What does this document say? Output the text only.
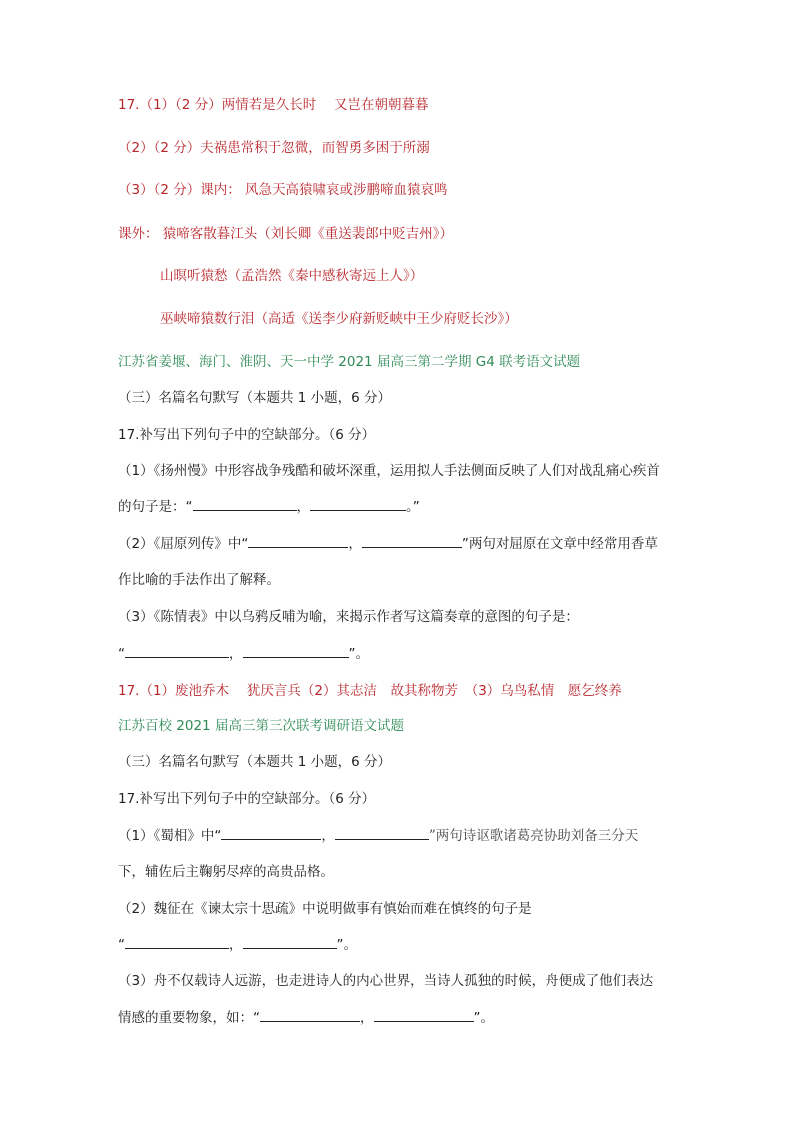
17.（1）（2 分）两情若是久长时　 又岂在朝朝暮暮
（2）（2 分）夫祸患常积于忽微，而智勇多困于所溺
（3）（2 分）课内： 风急天高猿啸哀或涉鹏啼血猿哀鸣
课外： 猿啼客散暮江头（刘长卿《重送裴郎中贬吉州》）
山暝听猿愁（孟浩然《秦中感秋寄远上人》）
巫峡啼猿数行泪（高适《送李少府新贬峡中王少府贬长沙》）
江苏省姜堰、海门、淮阴、天一中学 2021 届高三第二学期 G4 联考语文试题
（三）名篇名句默写（本题共 1 小题，6 分）
17.补写出下列句子中的空缺部分。（6 分）
（1）《扬州慢》中形容战争残酷和破坏深重，运用拟人手法侧面反映了人们对战乱痛心疾首
的句子是：“	，	。”
（2）《屈原列传》中“	，	”两句对屈原在文章中经常用香草
作比喻的手法作出了解释。
（3）《陈情表》中以乌鸦反哺为喻，来揭示作者写这篇奏章的意图的句子是：
“	，	”。
17.（1）废池乔木　 犹厌言兵（2）其志洁　故其称物芳　（3）乌鸟私情　愿乞终养
江苏百校 2021 届高三第三次联考调研语文试题
（三）名篇名句默写（本题共 1 小题，6 分）
17.补写出下列句子中的空缺部分。（6 分）
（1）《蜀相》中“	，	”两句诗讴歌诸葛亮协助刘备三分天
下，辅佐后主鞠躬尽瘁的高贵品格。
（2）魏征在《谏太宗十思疏》中说明做事有慎始而难在慎终的句子是
“	，	”。
（3）舟不仅载诗人远游，也走进诗人的内心世界，当诗人孤独的时候，舟便成了他们表达
情感的重要物象，如：“	，	”。
